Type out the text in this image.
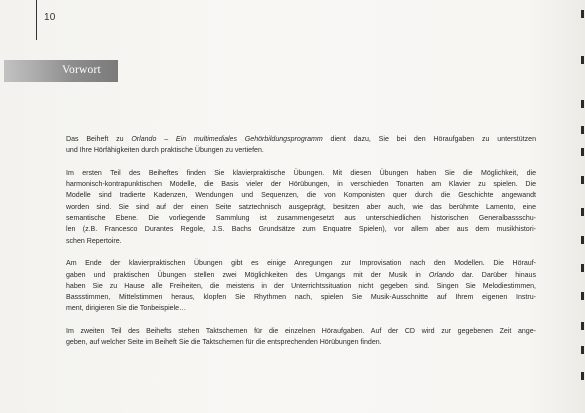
10
Vorwort

Das Beiheft zu Orlando – Ein multimediales Gehörbildungsprogramm dient dazu, Sie bei den Höraufgaben zu unterstützen
und Ihre Hörfähigkeiten durch praktische Übungen zu vertiefen.

Im ersten Teil des Beiheftes finden Sie klavierpraktische Übungen. Mit diesen Übungen haben Sie die Möglichkeit, die
harmonisch-kontrapunktischen Modelle, die Basis vieler der Hörübungen, in verschieden Tonarten am Klavier zu spielen. Die
Modelle sind tradierte Kadenzen, Wendungen und Sequenzen, die von Komponisten quer durch die Geschichte angewandt
worden sind. Sie sind auf der einen Seite satztechnisch ausgeprägt, besitzen aber auch, wie das berühmte Lamento, eine
semantische Ebene. Die vorliegende Sammlung ist zusammengesetzt aus unterschiedlichen historischen Generalbassschu-
len (z.B. Francesco Durantes Regole, J.S. Bachs Grundsätze zum Enquatre Spielen), vor allem aber aus dem musikhistori-
schen Repertoire.

Am Ende der klavierpraktischen Übungen gibt es einige Anregungen zur Improvisation nach den Modellen. Die Hörauf-
gaben und praktischen Übungen stellen zwei Möglichkeiten des Umgangs mit der Musik in Orlando dar. Darüber hinaus
haben Sie zu Hause alle Freiheiten, die meistens in der Unterrichtssituation nicht gegeben sind. Singen Sie Melodiestimmen,
Bassstimmen, Mittelstimmen heraus, klopfen Sie Rhythmen nach, spielen Sie Musik-Ausschnitte auf Ihrem eigenen Instru-
ment, dirigieren Sie die Tonbeispiele…

Im zweiten Teil des Beihefts stehen Taktschemen für die einzelnen Höraufgaben. Auf der CD wird zur gegebenen Zeit ange-
geben, auf welcher Seite im Beiheft Sie die Taktschemen für die entsprechenden Hörübungen finden.
